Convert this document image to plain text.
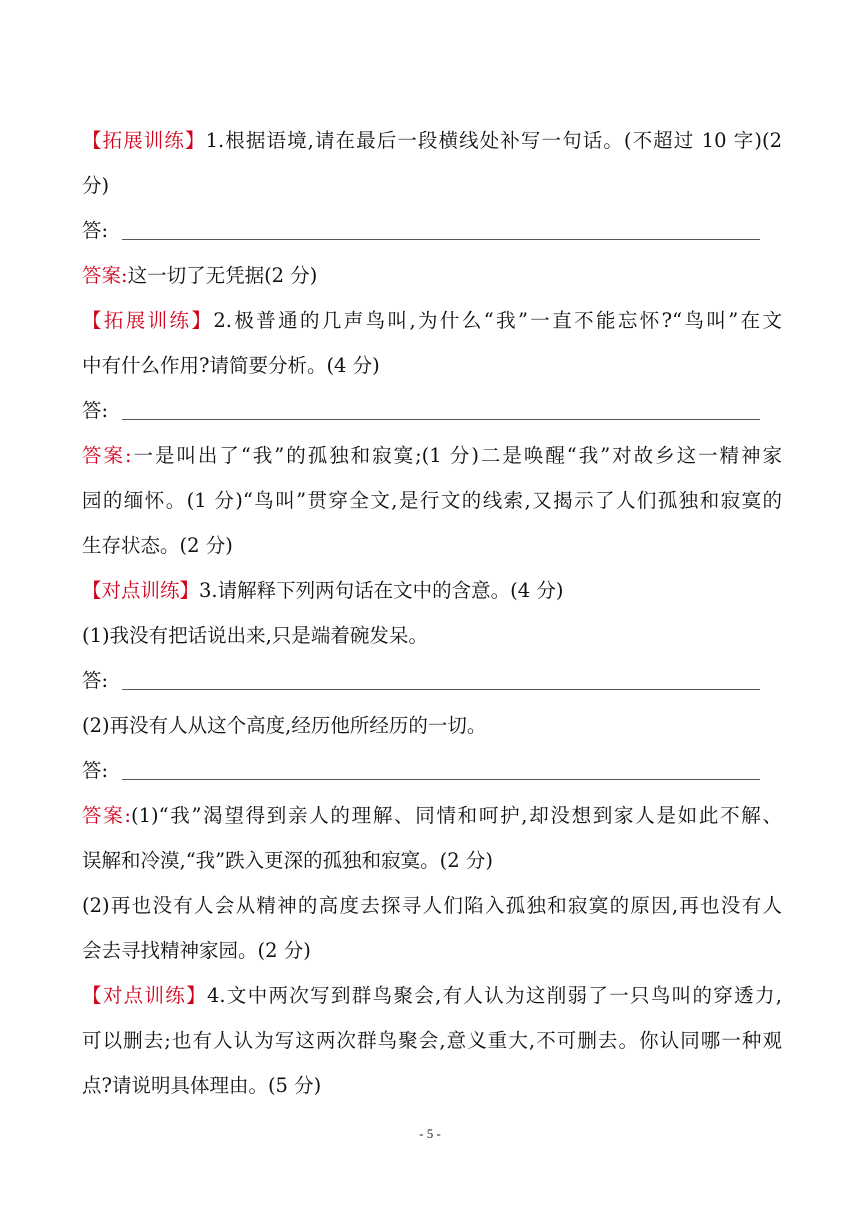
【拓展训练】1.根据语境,请在最后一段横线处补写一句话。(不超过 10 字)(2
分)
答:
答案:这一切了无凭据(2 分)
【拓展训练】2.极普通的几声鸟叫,为什么“我”一直不能忘怀?“鸟叫”在文
中有什么作用?请简要分析。(4 分)
答:
答案:一是叫出了“我”的孤独和寂寞;(1 分)二是唤醒“我”对故乡这一精神家
园的缅怀。(1 分)“鸟叫”贯穿全文,是行文的线索,又揭示了人们孤独和寂寞的
生存状态。(2 分)
【对点训练】3.请解释下列两句话在文中的含意。(4 分)
(1)我没有把话说出来,只是端着碗发呆。
答:
(2)再没有人从这个高度,经历他所经历的一切。
答:
答案:(1)“我”渴望得到亲人的理解、同情和呵护,却没想到家人是如此不解、
误解和冷漠,“我”跌入更深的孤独和寂寞。(2 分)
(2)再也没有人会从精神的高度去探寻人们陷入孤独和寂寞的原因,再也没有人
会去寻找精神家园。(2 分)
【对点训练】4.文中两次写到群鸟聚会,有人认为这削弱了一只鸟叫的穿透力,
可以删去;也有人认为写这两次群鸟聚会,意义重大,不可删去。你认同哪一种观
点?请说明具体理由。(5 分)
- 5 -
